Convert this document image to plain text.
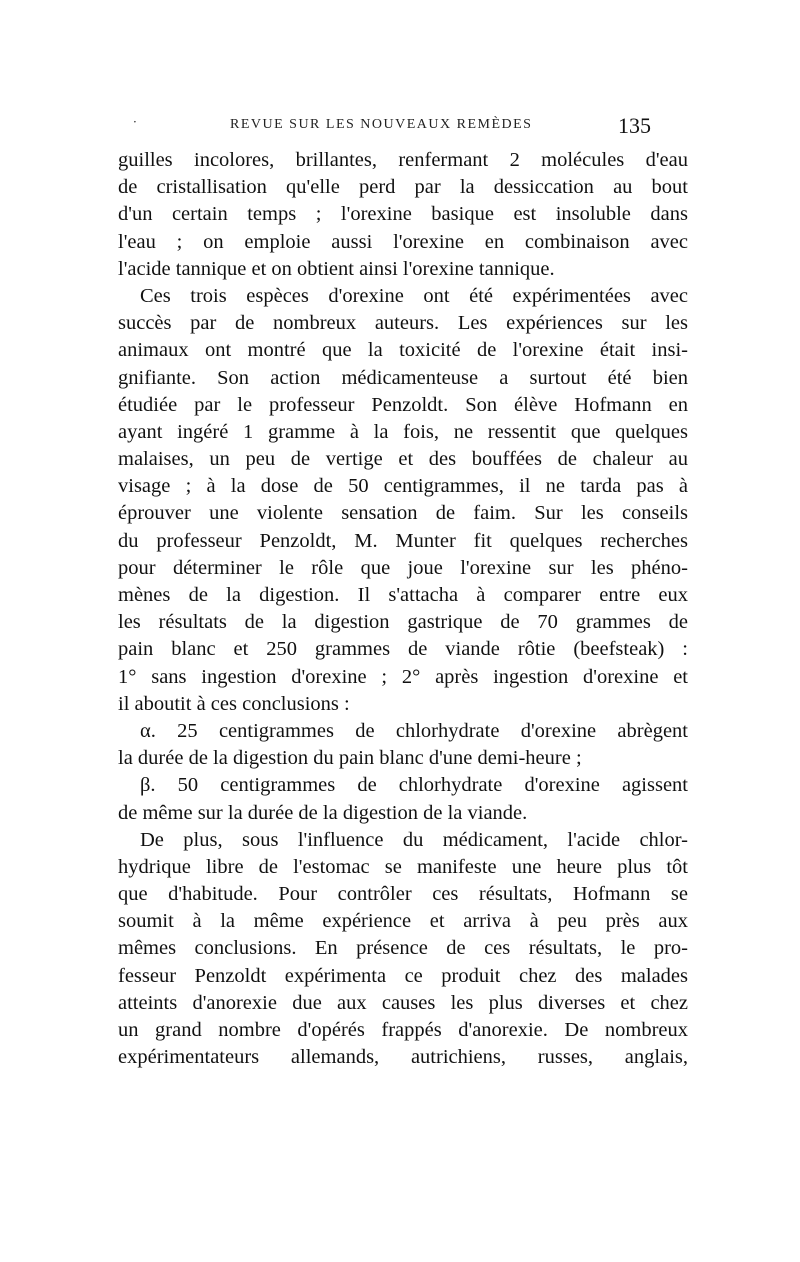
·	REVUE SUR LES NOUVEAUX REMÈDES	135
guilles incolores, brillantes, renfermant 2 molécules d'eau
de cristallisation qu'elle perd par la dessiccation au bout
d'un certain temps ; l'orexine basique est insoluble dans
l'eau ; on emploie aussi l'orexine en combinaison avec
l'acide tannique et on obtient ainsi l'orexine tannique.
Ces trois espèces d'orexine ont été expérimentées avec
succès par de nombreux auteurs. Les expériences sur les
animaux ont montré que la toxicité de l'orexine était insi-
gnifiante. Son action médicamenteuse a surtout été bien
étudiée par le professeur Penzoldt. Son élève Hofmann en
ayant ingéré 1 gramme à la fois, ne ressentit que quelques
malaises, un peu de vertige et des bouffées de chaleur au
visage ; à la dose de 50 centigrammes, il ne tarda pas à
éprouver une violente sensation de faim. Sur les conseils
du professeur Penzoldt, M. Munter fit quelques recherches
pour déterminer le rôle que joue l'orexine sur les phéno-
mènes de la digestion. Il s'attacha à comparer entre eux
les résultats de la digestion gastrique de 70 grammes de
pain blanc et 250 grammes de viande rôtie (beefsteak) :
1° sans ingestion d'orexine ; 2° après ingestion d'orexine et
il aboutit à ces conclusions :
α. 25 centigrammes de chlorhydrate d'orexine abrègent
la durée de la digestion du pain blanc d'une demi-heure ;
β. 50 centigrammes de chlorhydrate d'orexine agissent
de même sur la durée de la digestion de la viande.
De plus, sous l'influence du médicament, l'acide chlor-
hydrique libre de l'estomac se manifeste une heure plus tôt
que d'habitude. Pour contrôler ces résultats, Hofmann se
soumit à la même expérience et arriva à peu près aux
mêmes conclusions. En présence de ces résultats, le pro-
fesseur Penzoldt expérimenta ce produit chez des malades
atteints d'anorexie due aux causes les plus diverses et chez
un grand nombre d'opérés frappés d'anorexie. De nombreux
expérimentateurs allemands, autrichiens, russes, anglais,
